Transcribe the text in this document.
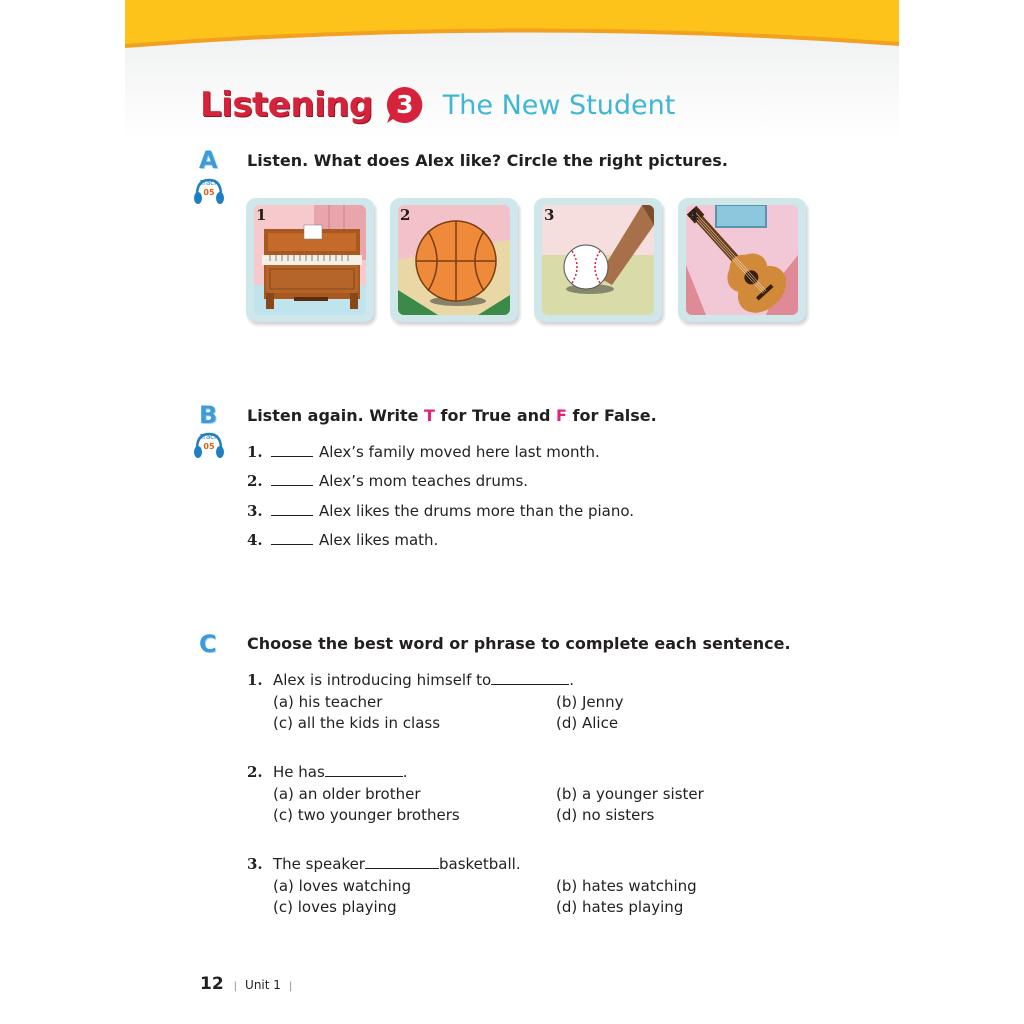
Listening 3	The New Student
A
Track
05
Listen. What does Alex like? Circle the right pictures.
1	2	3	4
B
Track
05
Listen again. Write T for True and F for False.
1.	Alex’s family moved here last month.
2.	Alex’s mom teaches drums.
3.	Alex likes the drums more than the piano.
4.	Alex likes math.
C Choose the best word or phrase to complete each sentence.
1. Alex is introducing himself to	.
(a) his teacher	(b) Jenny
(c) all the kids in class	(d) Alice
2. He has	.
(a) an older brother	(b) a younger sister
(c) two younger brothers	(d) no sisters
3. The speaker	basketball.
(a) loves watching	(b) hates watching
(c) loves playing	(d) hates playing
12 | Unit 1 |
